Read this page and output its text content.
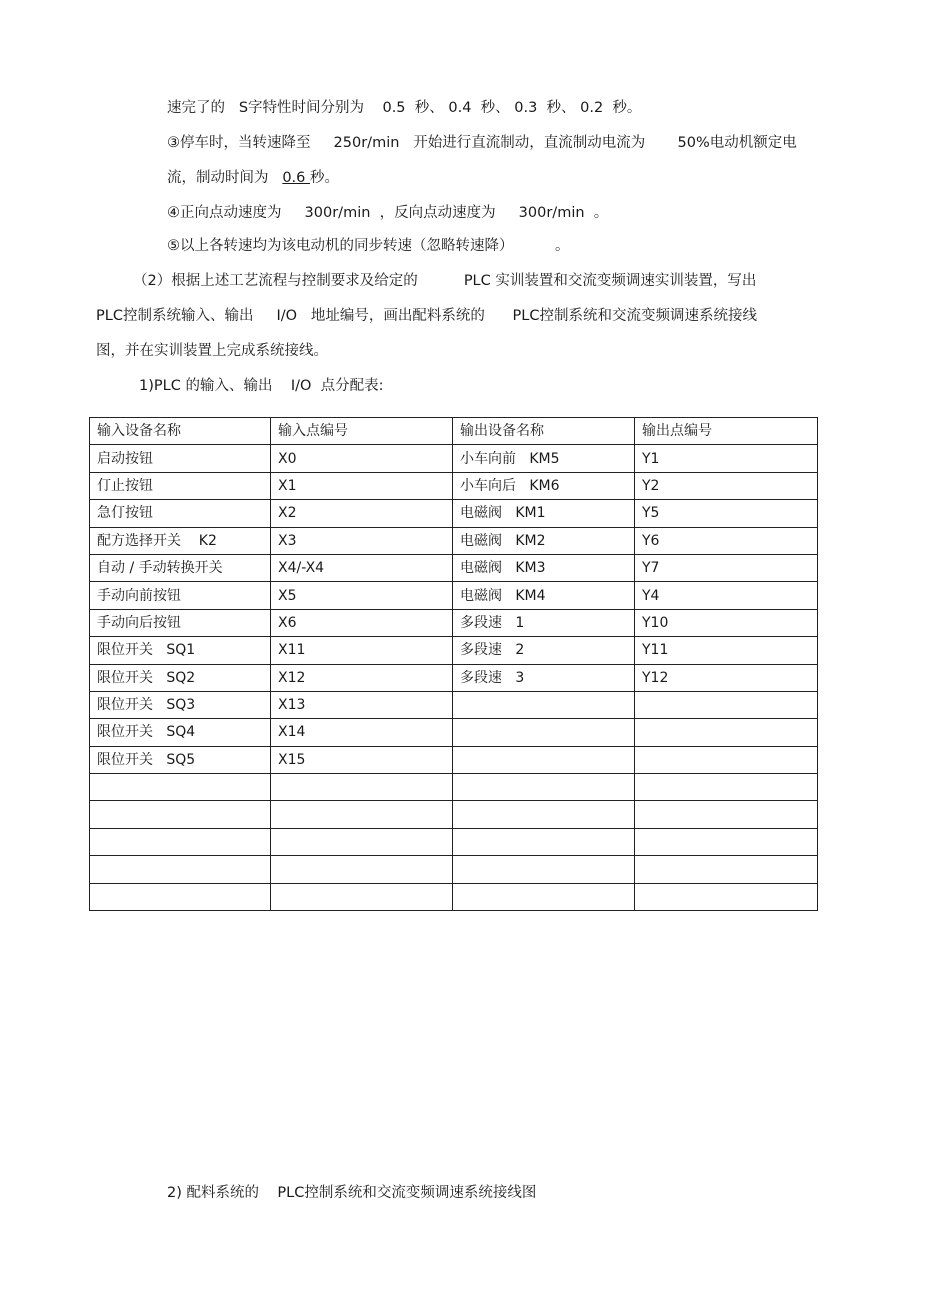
速完了的   S字特性时间分别为    0.5  秒、 0.4  秒、 0.3  秒、 0.2  秒。
③停车时，当转速降至     250r/min   开始进行直流制动，直流制动电流为       50%电动机额定电
流，制动时间为   0.6 秒。
④正向点动速度为     300r/min  ，反向点动速度为     300r/min  。
⑤以上各转速均为该电动机的同步转速（忽略转速降）         。
（2）根据上述工艺流程与控制要求及给定的          PLC 实训装置和交流变频调速实训装置，写出
PLC控制系统输入、输出     I/O   地址编号，画出配料系统的      PLC控制系统和交流变频调速系统接线
图，并在实训装置上完成系统接线。
1)PLC 的输入、输出    I/O  点分配表:
输入设备名称	输入点编号	输出设备名称	输出点编号
启动按钮	X0	小车向前   KM5	Y1
仃止按钮	X1	小车向后   KM6	Y2
急仃按钮	X2	电磁阀   KM1	Y5
配方选择开关    K2	X3	电磁阀   KM2	Y6
自动 / 手动转换开关	X4/-X4	电磁阀   KM3	Y7
手动向前按钮	X5	电磁阀   KM4	Y4
手动向后按钮	X6	多段速   1	Y10
限位开关   SQ1	X11	多段速   2	Y11
限位开关   SQ2	X12	多段速   3	Y12
限位开关   SQ3	X13		
限位开关   SQ4	X14		
限位开关   SQ5	X15		

2) 配料系统的    PLC控制系统和交流变频调速系统接线图
